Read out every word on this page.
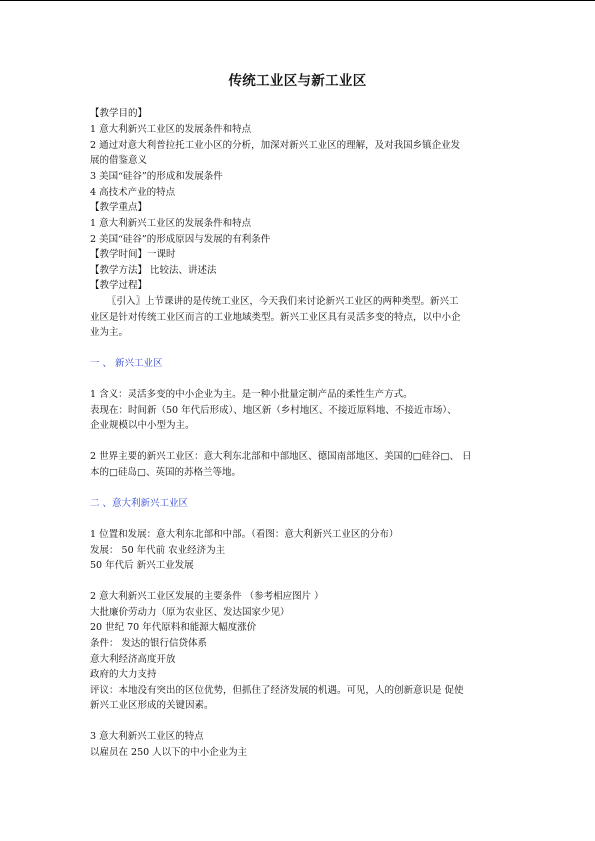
传统工业区与新工业区
【教学目的】
1 意大利新兴工业区的发展条件和特点
2 通过对意大利普拉托工业小区的分析，加深对新兴工业区的理解，及对我国乡镇企业发
展的借鉴意义
3 美国“硅谷”的形成和发展条件
4 高技术产业的特点
【教学重点】
1 意大利新兴工业区的发展条件和特点
2 美国“硅谷”的形成原因与发展的有利条件
【教学时间】一课时
【教学方法】 比较法、讲述法
【教学过程】
〖引入〗上节课讲的是传统工业区，今天我们来讨论新兴工业区的两种类型。新兴工
业区是针对传统工业区而言的工业地域类型。新兴工业区具有灵活多变的特点，以中小企
业为主。
一 、 新兴工业区
1 含义：灵活多变的中小企业为主。是一种小批量定制产品的柔性生产方式。
表现在：时间新（50 年代后形成）、地区新（乡村地区、不接近原料地、不接近市场）、
企业规模以中小型为主。
2 世界主要的新兴工业区：意大利东北部和中部地区、德国南部地区、美国的□硅谷□、 日
本的□硅岛□、英国的苏格兰等地。
二 、意大利新兴工业区
1 位置和发展：意大利东北部和中部。（看图：意大利新兴工业区的分布）
发展： 50 年代前 农业经济为主
50 年代后 新兴工业发展
2 意大利新兴工业区发展的主要条件 （参考相应图片 ）
大批廉价劳动力（原为农业区、发达国家少见）
20 世纪 70 年代原料和能源大幅度涨价
条件： 发达的银行信贷体系
意大利经济高度开放
政府的大力支持
评议：本地没有突出的区位优势，但抓住了经济发展的机遇。可见，人的创新意识是 促使
新兴工业区形成的关键因素。
3 意大利新兴工业区的特点
以雇员在 250 人以下的中小企业为主
